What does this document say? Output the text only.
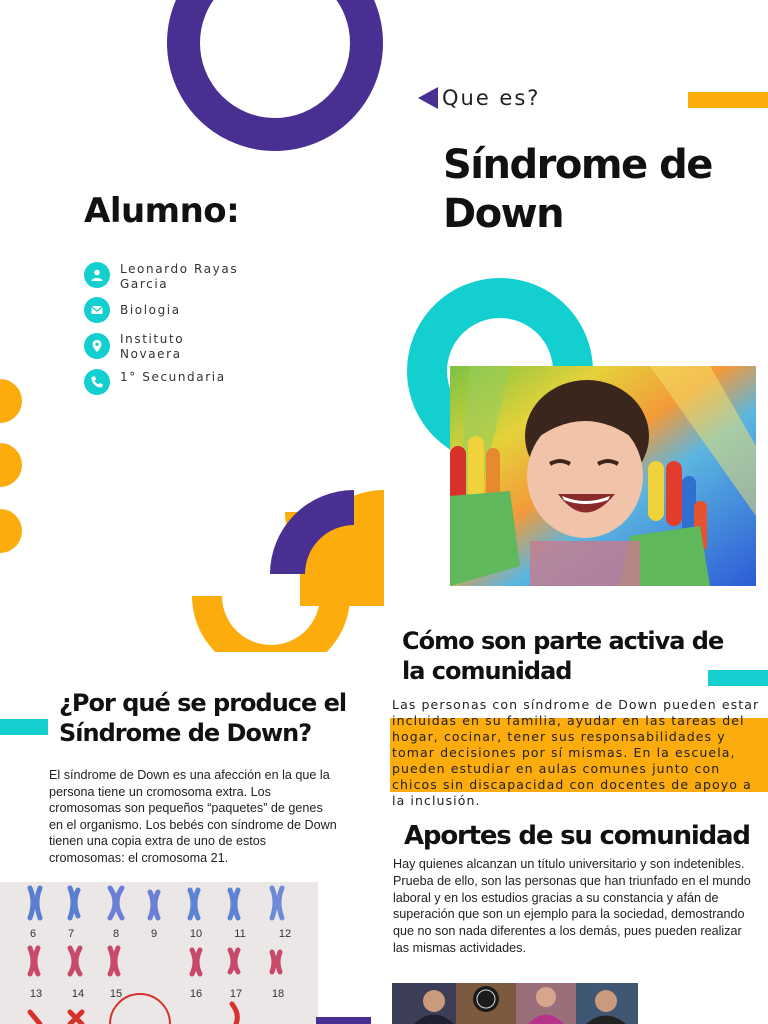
Que es?
Síndrome de Down
Alumno:
Leonardo Rayas Garcia
Biologia
Instituto Novaera
1° Secundaria
Cómo son parte activa de la comunidad
Las personas con síndrome de Down pueden estar incluidas en su familia, ayudar en las tareas del hogar, cocinar, tener sus responsabilidades y tomar decisiones por sí mismas. En la escuela, pueden estudiar en aulas comunes junto con chicos sin discapacidad con docentes de apoyo a la inclusión.
¿Por qué se produce el Síndrome de Down?
El síndrome de Down es una afección en la que la persona tiene un cromosoma extra. Los cromosomas son pequeños “paquetes” de genes en el organismo. Los bebés con síndrome de Down tienen una copia extra de uno de estos cromosomas: el cromosoma 21.
Aportes de su comunidad
Hay quienes alcanzan un título universitario y son indetenibles. Prueba de ello, son las personas que han triunfado en el mundo laboral y en los estudios gracias a su constancia y afán de superación que son un ejemplo para la sociedad, demostrando que no son nada diferentes a los demás, pues pueden realizar las mismas actividades.
6	7	8	9	10	11	12
13	14	15	16	17	18
